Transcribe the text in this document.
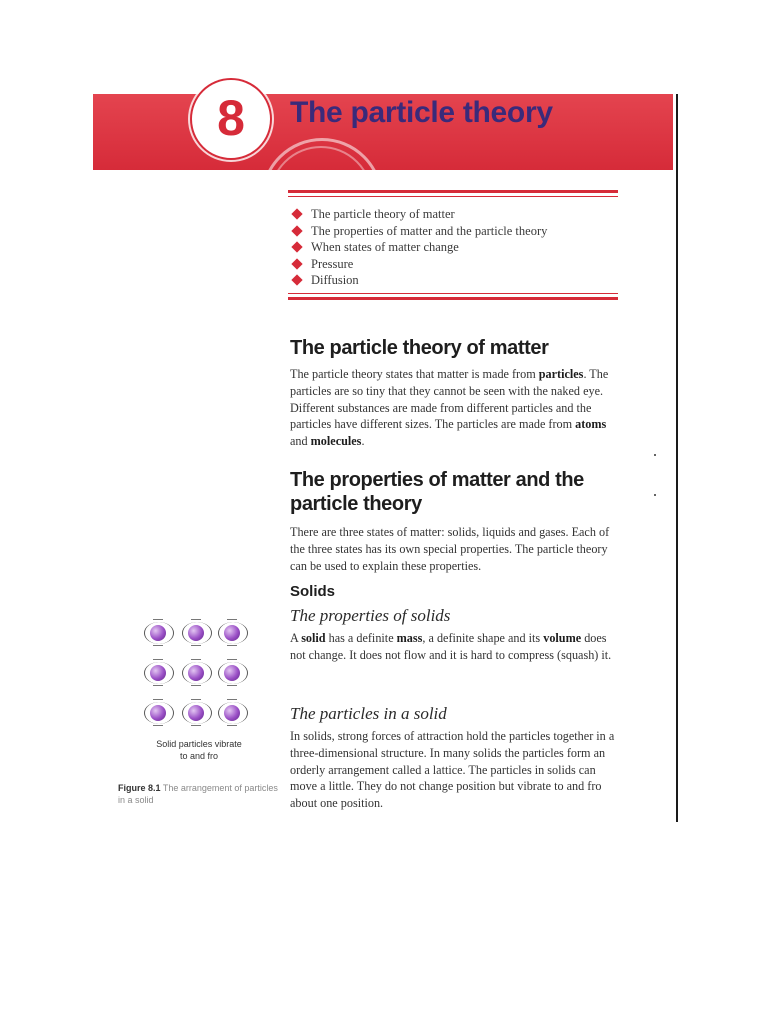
8 The particle theory
The particle theory of matter
The properties of matter and the particle theory
When states of matter change
Pressure
Diffusion
The particle theory of matter

The particle theory states that matter is made from particles. The particles are so tiny that they cannot be seen with the naked eye. Different substances are made from different particles and the particles have different sizes. The particles are made from atoms and molecules.

The properties of matter and the
particle theory

There are three states of matter: solids, liquids and gases. Each of the three states has its own special properties. The particle theory can be used to explain these properties.

Solids
The properties of solids

A solid has a definite mass, a definite shape and its volume does not change. It does not flow and it is hard to compress (squash) it.

The particles in a solid

In solids, strong forces of attraction hold the particles together in a three-dimensional structure. In many solids the particles form an orderly arrangement called a lattice. The particles in solids can move a little. They do not change position but vibrate to and fro about one position.

Solid particles vibrate
to and fro
Figure 8.1 The arrangement of particles in a solid
